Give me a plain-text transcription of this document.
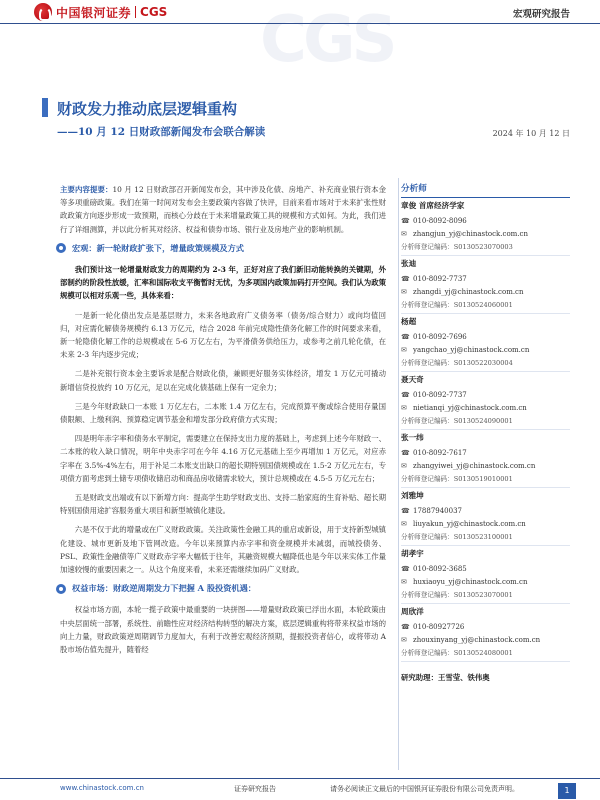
中国银河证券 CGS	宏观研究报告
CGS
财政发力推动底层逻辑重构
——10 月 12 日财政部新闻发布会联合解读	2024 年 10 月 12 日

主要内容提要：10 月 12 日财政部召开新闻发布会，其中涉及化债、房地产、补充商业银行资本金等多项重磅政策。我们在第一时间对发布会主要政策内容做了快评，目前来看市场对于未来扩张性财政政策方向逐步形成一致预期，而核心分歧在于未来增量政策工具的规模和方式如何。为此，我们进行了详细测算，并以此分析其对经济、权益和债券市场、银行业及房地产业的影响机制。

宏观：新一轮财政扩张下，增量政策规模及方式

我们预计这一轮增量财政发力的周期约为 2-3 年，正好对应了我们新旧动能转换的关键期，外部制约的阶段性放缓，汇率和国际收支平衡暂时无忧，为多项国内政策加码打开空间。我们认为政策规模可以相对乐观一些，具体来看：

一是新一轮化债出发点是基层财力，未来各地政府广义债务率（债务/综合财力）或向均值回归，对应需化解债务规模约 6.13 万亿元，结合 2028 年前完成隐性债务化解工作的时间要求来看，新一轮隐债化解工作的总规模或在 5-6 万亿左右，为平滑债务供给压力，或参考之前几轮化债，在未来 2-3 年内逐步完成；

二是补充银行资本金主要诉求是配合财政化债，兼顾更好服务实体经济，增发 1 万亿元可撬动新增信贷投放约 10 万亿元，足以在完成化债基础上保有一定余力；

三是今年财政缺口一本账 1 万亿左右，二本账 1.4 万亿左右，完成预算平衡或综合使用存量国债限额、上缴利润、预算稳定调节基金和增发部分政府债方式实现；

四是明年赤字率和债务水平制定，需要建立在保持支出力度的基础上，考虑到上述今年财政一、二本账的收入缺口情况，明年中央赤字可在今年 4.16 万亿元基础上至少再增加 1 万亿元，对应赤字率在 3.5%-4%左右，用于补足二本账支出缺口的超长期特别国债规模或在 1.5-2 万亿元左右，专项债方面考虑到土储专项债收储启动和商品房收储需求较大，预计总规模或在 4.5-5 万亿元左右；

五是财政支出端或有以下新增方向：提高学生助学财政支出、支持二胎家庭的生育补贴、超长期特别国债用途扩容服务重大项目和新型城镇化建设。

六是不仅于此的增量或在广义财政政策。关注政策性金融工具的重启或新设，用于支持新型城镇化建设、城市更新及地下管网改造。今年以来预算内赤字率和资金规模并未减弱，而城投债务、PSL、政策性金融债等广义财政赤字率大幅低于往年，其融资规模大幅降低也是今年以来实体工作量加速较慢的重要因素之一。从这个角度来看，未来还需继续加码广义财政。

权益市场：财政逆周期发力下把握 A 股投资机遇：

权益市场方面，本轮一揽子政策中最重要的一块拼图——增量财政政策已浮出水面，本轮政策由中央层面统一部署，系统性、前瞻性应对经济结构转型的解决方案，底层逻辑重构将带来权益市场的向上力量，财政政策逆周期调节力度加大，有利于改善宏观经济预期，提振投资者信心，或将带动 A 股市场估值先提升，随着经

分析师
章俊 首席经济学家
☎ 010-8092-8096
✉ zhangjun_yj@chinastock.com.cn
分析师登记编码：S0130523070003
张迪
☎ 010-8092-7737
✉ zhangdi_yj@chinastock.com.cn
分析师登记编码：S0130524060001
杨超
☎ 010-8092-7696
✉ yangchao_yj@chinastock.com.cn
分析师登记编码：S0130522030004
聂天奇
☎ 010-8092-7737
✉ nietianqi_yj@chinastock.com.cn
分析师登记编码：S0130524090001
张一纬
☎ 010-8092-7617
✉ zhangyiwei_yj@chinastock.com.cn
分析师登记编码：S0130519010001
刘雅坤
☎ 17887940037
✉ liuyakun_yj@chinastock.com.cn
分析师登记编码：S0130523100001
胡孝宇
☎ 010-8092-3685
✉ huxiaoyu_yj@chinastock.com.cn
分析师登记编码：S0130523070001
周欣洋
☎ 010-80927726
✉ zhouxinyang_yj@chinastock.com.cn
分析师登记编码：S0130524080001
研究助理：王雪莹、铁伟奥
www.chinastock.com.cn	证券研究报告	请务必阅读正文最后的中国银河证券股份有限公司免责声明。	1
